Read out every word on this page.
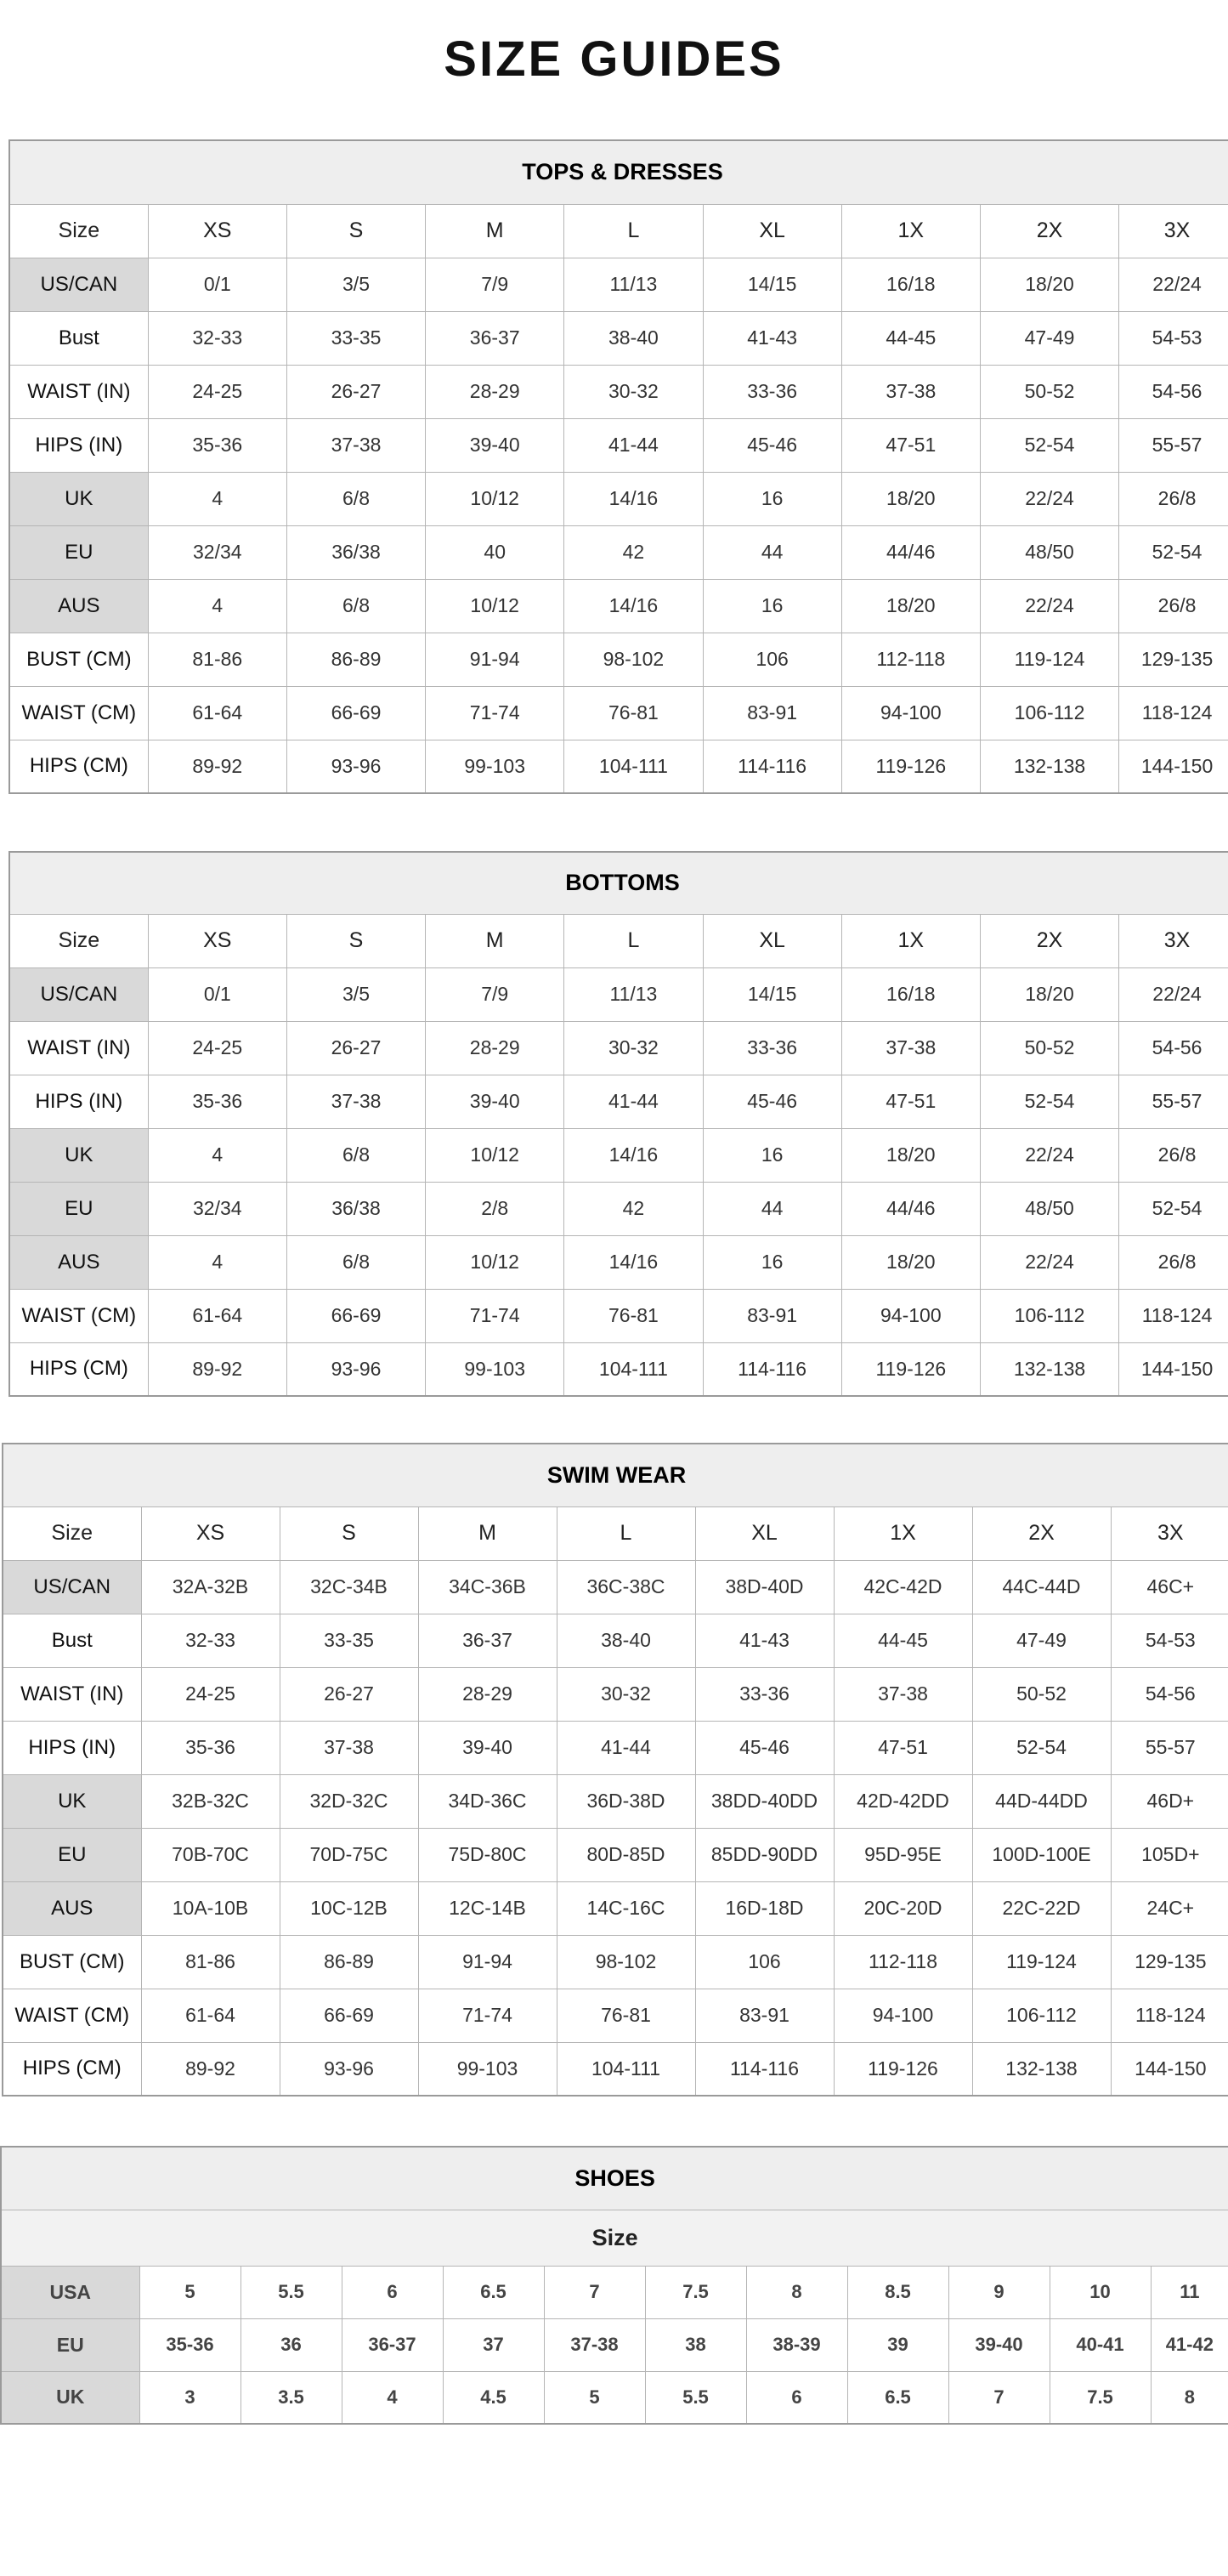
SIZE GUIDES
TOPS & DRESSES								
Size	XS	S	M	L	XL	1X	2X	3X
US/CAN	0/1	3/5	7/9	11/13	14/15	16/18	18/20	22/24
Bust	32-33	33-35	36-37	38-40	41-43	44-45	47-49	54-53
WAIST (IN)	24-25	26-27	28-29	30-32	33-36	37-38	50-52	54-56
HIPS (IN)	35-36	37-38	39-40	41-44	45-46	47-51	52-54	55-57
UK	4	6/8	10/12	14/16	16	18/20	22/24	26/8
EU	32/34	36/38	40	42	44	44/46	48/50	52-54
AUS	4	6/8	10/12	14/16	16	18/20	22/24	26/8
BUST (CM)	81-86	86-89	91-94	98-102	106	112-118	119-124	129-135
WAIST (CM)	61-64	66-69	71-74	76-81	83-91	94-100	106-112	118-124
HIPS (CM)	89-92	93-96	99-103	104-111	114-116	119-126	132-138	144-150
BOTTOMS								
Size	XS	S	M	L	XL	1X	2X	3X
US/CAN	0/1	3/5	7/9	11/13	14/15	16/18	18/20	22/24
WAIST (IN)	24-25	26-27	28-29	30-32	33-36	37-38	50-52	54-56
HIPS (IN)	35-36	37-38	39-40	41-44	45-46	47-51	52-54	55-57
UK	4	6/8	10/12	14/16	16	18/20	22/24	26/8
EU	32/34	36/38	2/8	42	44	44/46	48/50	52-54
AUS	4	6/8	10/12	14/16	16	18/20	22/24	26/8
WAIST (CM)	61-64	66-69	71-74	76-81	83-91	94-100	106-112	118-124
HIPS (CM)	89-92	93-96	99-103	104-111	114-116	119-126	132-138	144-150
SWIM WEAR								
Size	XS	S	M	L	XL	1X	2X	3X
US/CAN	32A-32B	32C-34B	34C-36B	36C-38C	38D-40D	42C-42D	44C-44D	46C+
Bust	32-33	33-35	36-37	38-40	41-43	44-45	47-49	54-53
WAIST (IN)	24-25	26-27	28-29	30-32	33-36	37-38	50-52	54-56
HIPS (IN)	35-36	37-38	39-40	41-44	45-46	47-51	52-54	55-57
UK	32B-32C	32D-32C	34D-36C	36D-38D	38DD-40DD	42D-42DD	44D-44DD	46D+
EU	70B-70C	70D-75C	75D-80C	80D-85D	85DD-90DD	95D-95E	100D-100E	105D+
AUS	10A-10B	10C-12B	12C-14B	14C-16C	16D-18D	20C-20D	22C-22D	24C+
BUST (CM)	81-86	86-89	91-94	98-102	106	112-118	119-124	129-135
WAIST (CM)	61-64	66-69	71-74	76-81	83-91	94-100	106-112	118-124
HIPS (CM)	89-92	93-96	99-103	104-111	114-116	119-126	132-138	144-150
SHOES											
Size											
USA	5	5.5	6	6.5	7	7.5	8	8.5	9	10	11
EU	35-36	36	36-37	37	37-38	38	38-39	39	39-40	40-41	41-42
UK	3	3.5	4	4.5	5	5.5	6	6.5	7	7.5	8
